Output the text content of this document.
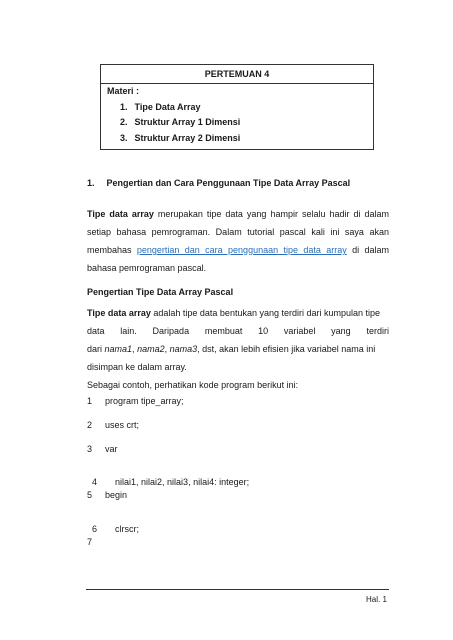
PERTEMUAN 4
Materi :
1. Tipe Data Array
2. Struktur Array 1 Dimensi
3. Struktur Array 2 Dimensi
1. Pengertian dan Cara Penggunaan Tipe Data Array Pascal
Tipe data array merupakan tipe data yang hampir selalu hadir di dalam setiap bahasa pemrograman. Dalam tutorial pascal kali ini saya akan membahas pengertian dan cara penggunaan tipe data array di dalam bahasa pemrograman pascal.
Pengertian Tipe Data Array Pascal
Tipe data array adalah tipe data bentukan yang terdiri dari kumpulan tipe
data lain. Daripada membuat 10 variabel yang terdiri
dari nama1, nama2, nama3, dst, akan lebih efisien jika variabel nama ini
disimpan ke dalam array.
Sebagai contoh, perhatikan kode program berikut ini:
1 program tipe_array;
2 uses crt;
3 var

4  nilai1, nilai2, nilai3, nilai4: integer;

5 begin

6  clrscr;

7
Hal. 1
